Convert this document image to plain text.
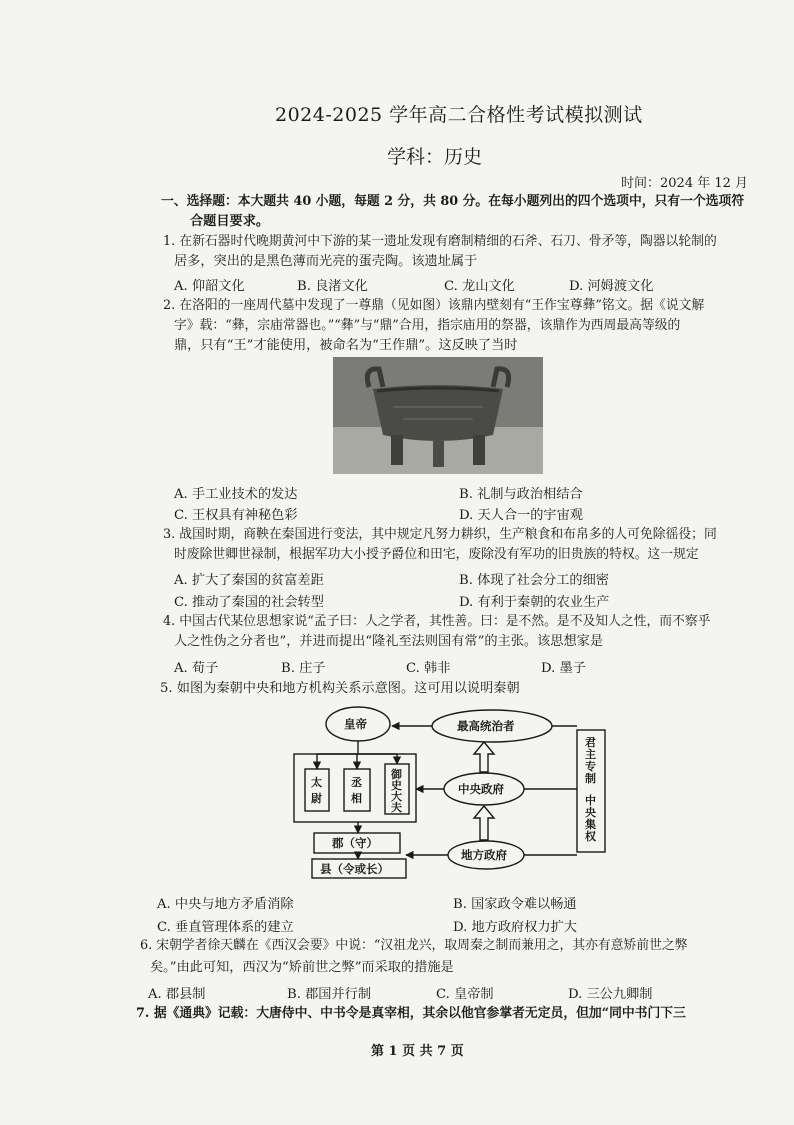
2024-2025 学年高二合格性考试模拟测试
学科：历史
时间：2024 年 12 月
一、选择题：本大题共 40 小题，每题 2 分，共 80 分。在每小题列出的四个选项中，只有一个选项符
合题目要求。
1. 在新石器时代晚期黄河中下游的某一遗址发现有磨制精细的石斧、石刀、骨矛等，陶器以轮制的
居多，突出的是黑色薄而光亮的蛋壳陶。该遗址属于
A. 仰韶文化	B. 良渚文化	C. 龙山文化	D. 河姆渡文化
2. 在洛阳的一座周代墓中发现了一尊鼎（见如图）该鼎内壁刻有“王作宝尊彝”铭文。据《说文解
字》载：“彝，宗庙常器也。”“彝”与“鼎”合用，指宗庙用的祭器，该鼎作为西周最高等级的
鼎，只有“王”才能使用，被命名为“王作鼎”。这反映了当时
A. 手工业技术的发达	B. 礼制与政治相结合
C. 王权具有神秘色彩	D. 天人合一的宇宙观
3. 战国时期，商鞅在秦国进行变法，其中规定凡努力耕织，生产粮食和布帛多的人可免除徭役；同
时废除世卿世禄制，根据军功大小授予爵位和田宅，废除没有军功的旧贵族的特权。这一规定
A. 扩大了秦国的贫富差距	B. 体现了社会分工的细密
C. 推动了秦国的社会转型	D. 有利于秦朝的农业生产
4. 中国古代某位思想家说“孟子曰：人之学者，其性善。曰：是不然。是不及知人之性，而不察乎
人之性伪之分者也”，并进而提出“隆礼至法则国有常”的主张。该思想家是
A. 荀子	B. 庄子	C. 韩非	D. 墨子
5. 如图为秦朝中央和地方机构关系示意图。这可用以说明秦朝
皇帝	最高统治者
中央政府
地方政府
郡（守）
县（令或长）
太尉
丞相
御史大夫
君主专制
中央集权
A. 中央与地方矛盾消除	B. 国家政令难以畅通
C. 垂直管理体系的建立	D. 地方政府权力扩大
6. 宋朝学者徐天麟在《西汉会要》中说：“汉祖龙兴，取周秦之制而兼用之，其亦有意矫前世之弊
矣。”由此可知，西汉为“矫前世之弊”而采取的措施是
A. 郡县制	B. 郡国并行制	C. 皇帝制	D. 三公九卿制
7. 据《通典》记载：大唐侍中、中书令是真宰相，其余以他官参掌者无定员，但加“同中书门下三
第 1 页 共 7 页
